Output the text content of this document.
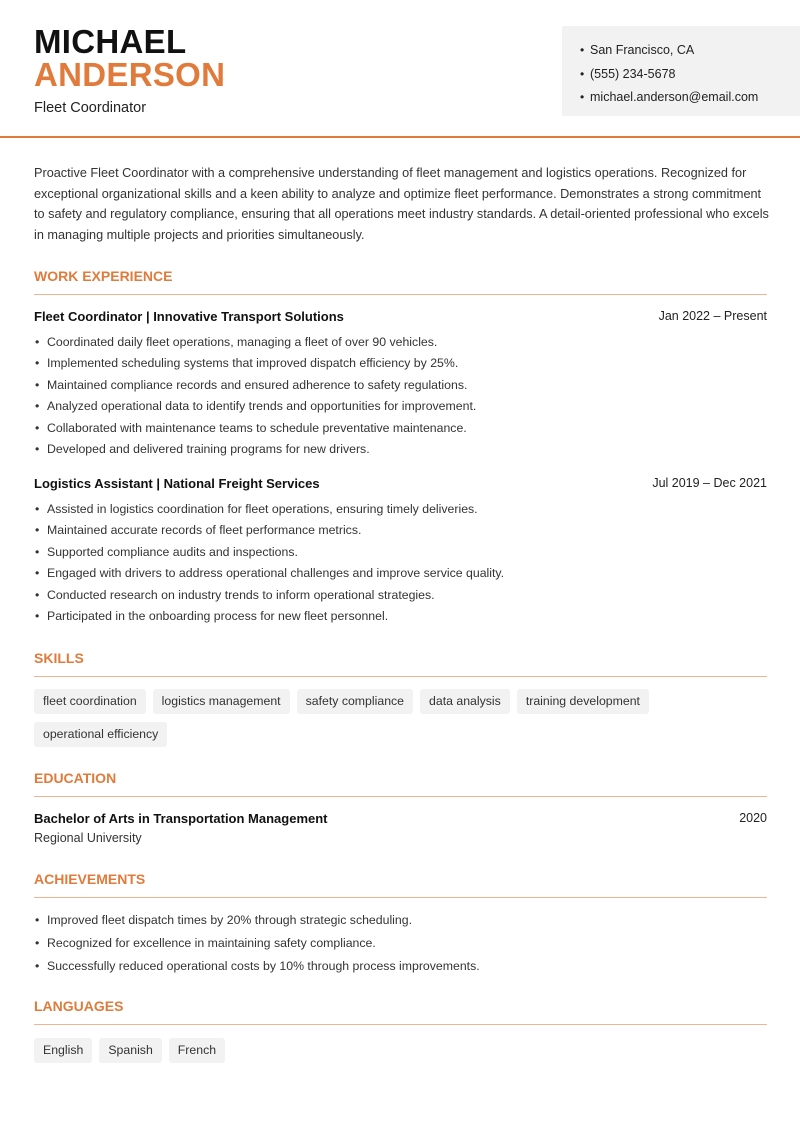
MICHAEL
ANDERSON
Fleet Coordinator
• San Francisco, CA
• (555) 234-5678
• michael.anderson@email.com
Proactive Fleet Coordinator with a comprehensive understanding of fleet management and logistics operations. Recognized for exceptional organizational skills and a keen ability to analyze and optimize fleet performance. Demonstrates a strong commitment to safety and regulatory compliance, ensuring that all operations meet industry standards. A detail-oriented professional who excels in managing multiple projects and priorities simultaneously.
WORK EXPERIENCE
Fleet Coordinator | Innovative Transport Solutions	Jan 2022 – Present
• Coordinated daily fleet operations, managing a fleet of over 90 vehicles.
• Implemented scheduling systems that improved dispatch efficiency by 25%.
• Maintained compliance records and ensured adherence to safety regulations.
• Analyzed operational data to identify trends and opportunities for improvement.
• Collaborated with maintenance teams to schedule preventative maintenance.
• Developed and delivered training programs for new drivers.
Logistics Assistant | National Freight Services	Jul 2019 – Dec 2021
• Assisted in logistics coordination for fleet operations, ensuring timely deliveries.
• Maintained accurate records of fleet performance metrics.
• Supported compliance audits and inspections.
• Engaged with drivers to address operational challenges and improve service quality.
• Conducted research on industry trends to inform operational strategies.
• Participated in the onboarding process for new fleet personnel.
SKILLS
fleet coordination	logistics management	safety compliance	data analysis	training development
operational efficiency
EDUCATION
Bachelor of Arts in Transportation Management	2020
Regional University
ACHIEVEMENTS
• Improved fleet dispatch times by 20% through strategic scheduling.
• Recognized for excellence in maintaining safety compliance.
• Successfully reduced operational costs by 10% through process improvements.
LANGUAGES
English	Spanish	French
